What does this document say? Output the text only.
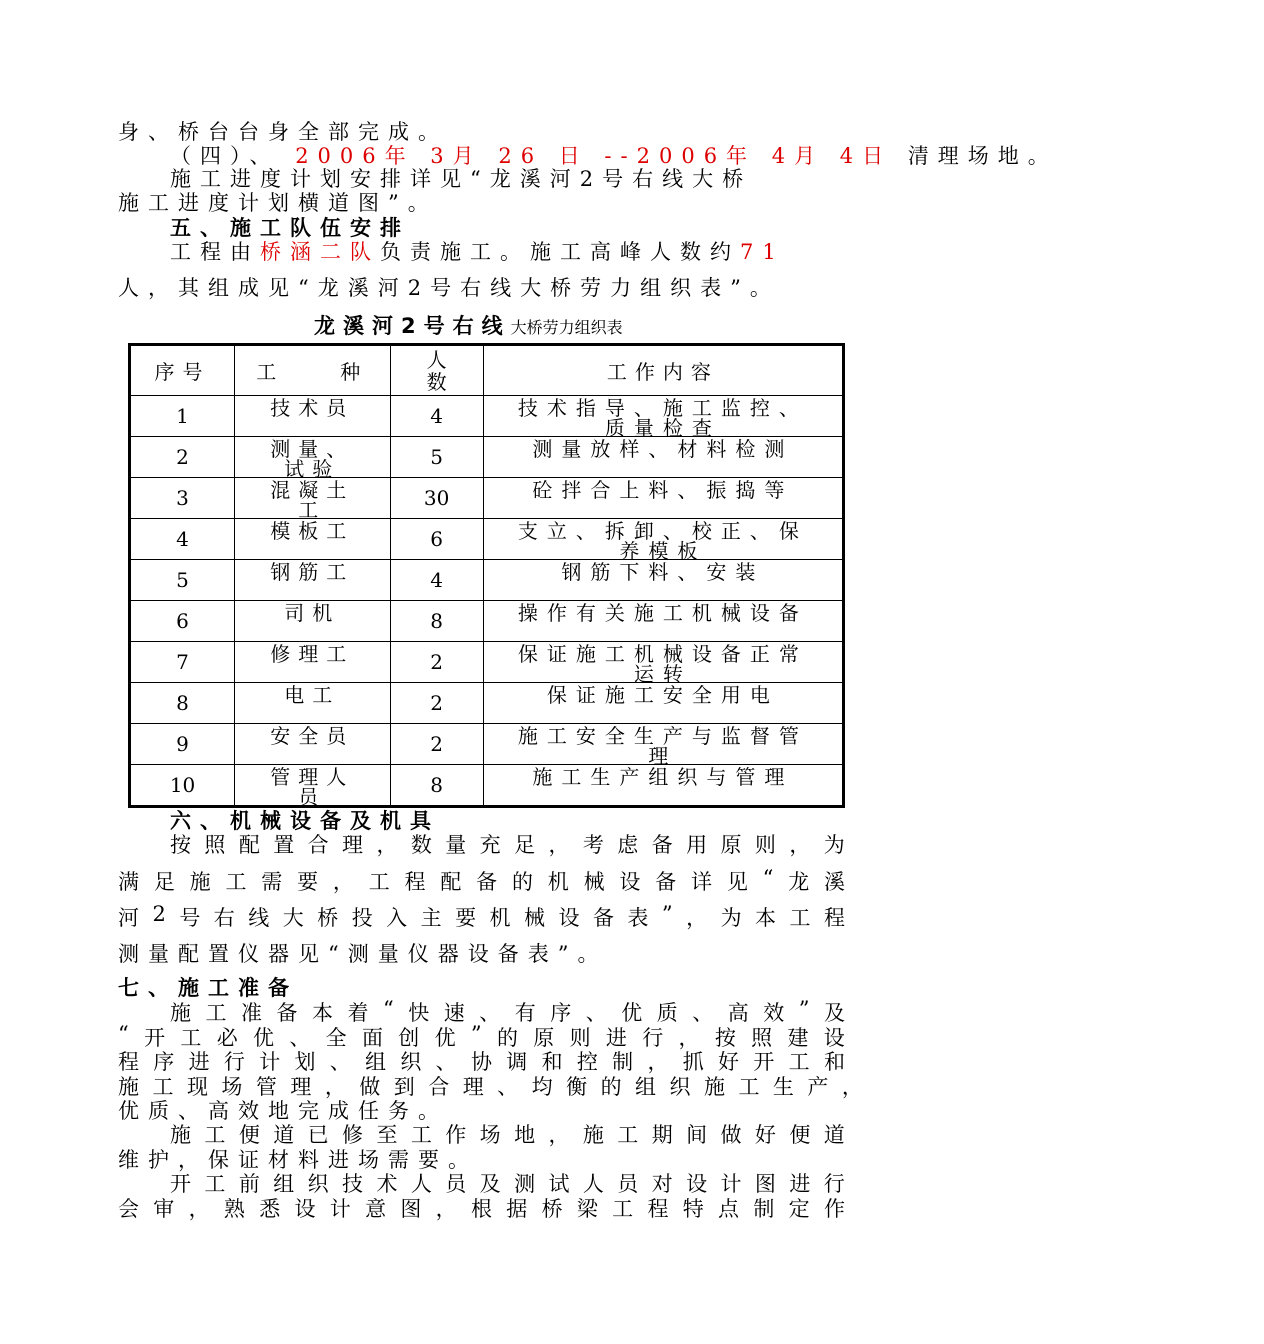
身、桥台台身全部完成。
（四）、 2006年 3月 26 日 --2006年 4月 4日 清理场地。
施工进度计划安排详见“龙溪河2号右线大桥
施工进度计划横道图”。
五、施工队伍安排
工程由桥涵二队负责施工。施工高峰人数约71
人，其组成见“龙溪河2号右线大桥劳力组织表”。
龙溪河2号右线大桥劳力组织表
序号	工　　种	人数	工作内容
1	技术员	4	技术指导、施工监控、质量检查

2	测量、试验	5	测量放样、材料检测

3	混凝土工	30	砼拌合上料、振捣等

4	模板工	6	支立、拆卸、校正、保养模板

5	钢筋工	4	钢筋下料、安装

6	司机	8	操作有关施工机械设备

7	修理工	2	保证施工机械设备正常运转

8	电工	2	保证施工安全用电

9	安全员	2	施工安全生产与监督管理

10	管理人员	8	施工生产组织与管理
六、机械设备及机具
按 照 配 置 合 理 ， 数 量 充 足 ， 考 虑 备 用 原 则 ， 为
满 足 施 工 需 要 ， 工 程 配 备 的 机 械 设 备 详 见 “ 龙 溪
河 2 号 右 线 大 桥 投 入 主 要 机 械 设 备 表 ” ， 为 本 工 程
测量配置仪器见“测量仪器设备表”。
七、施工准备
施 工 准 备 本 着 “ 快 速 、 有 序 、 优 质 、 高 效 ” 及
“ 开 工 必 优 、 全 面 创 优 ” 的 原 则 进 行 ， 按 照 建 设
程 序 进 行 计 划 、 组 织 、 协 调 和 控 制 ， 抓 好 开 工 和
施 工 现 场 管 理 ， 做 到 合 理 、 均 衡 的 组 织 施 工 生 产 ，
优质、高效地完成任务。
施 工 便 道 已 修 至 工 作 场 地 ， 施 工 期 间 做 好 便 道
维护，保证材料进场需要。
开 工 前 组 织 技 术 人 员 及 测 试 人 员 对 设 计 图 进 行
会 审 ， 熟 悉 设 计 意 图 ， 根 据 桥 梁 工 程 特 点 制 定 作
